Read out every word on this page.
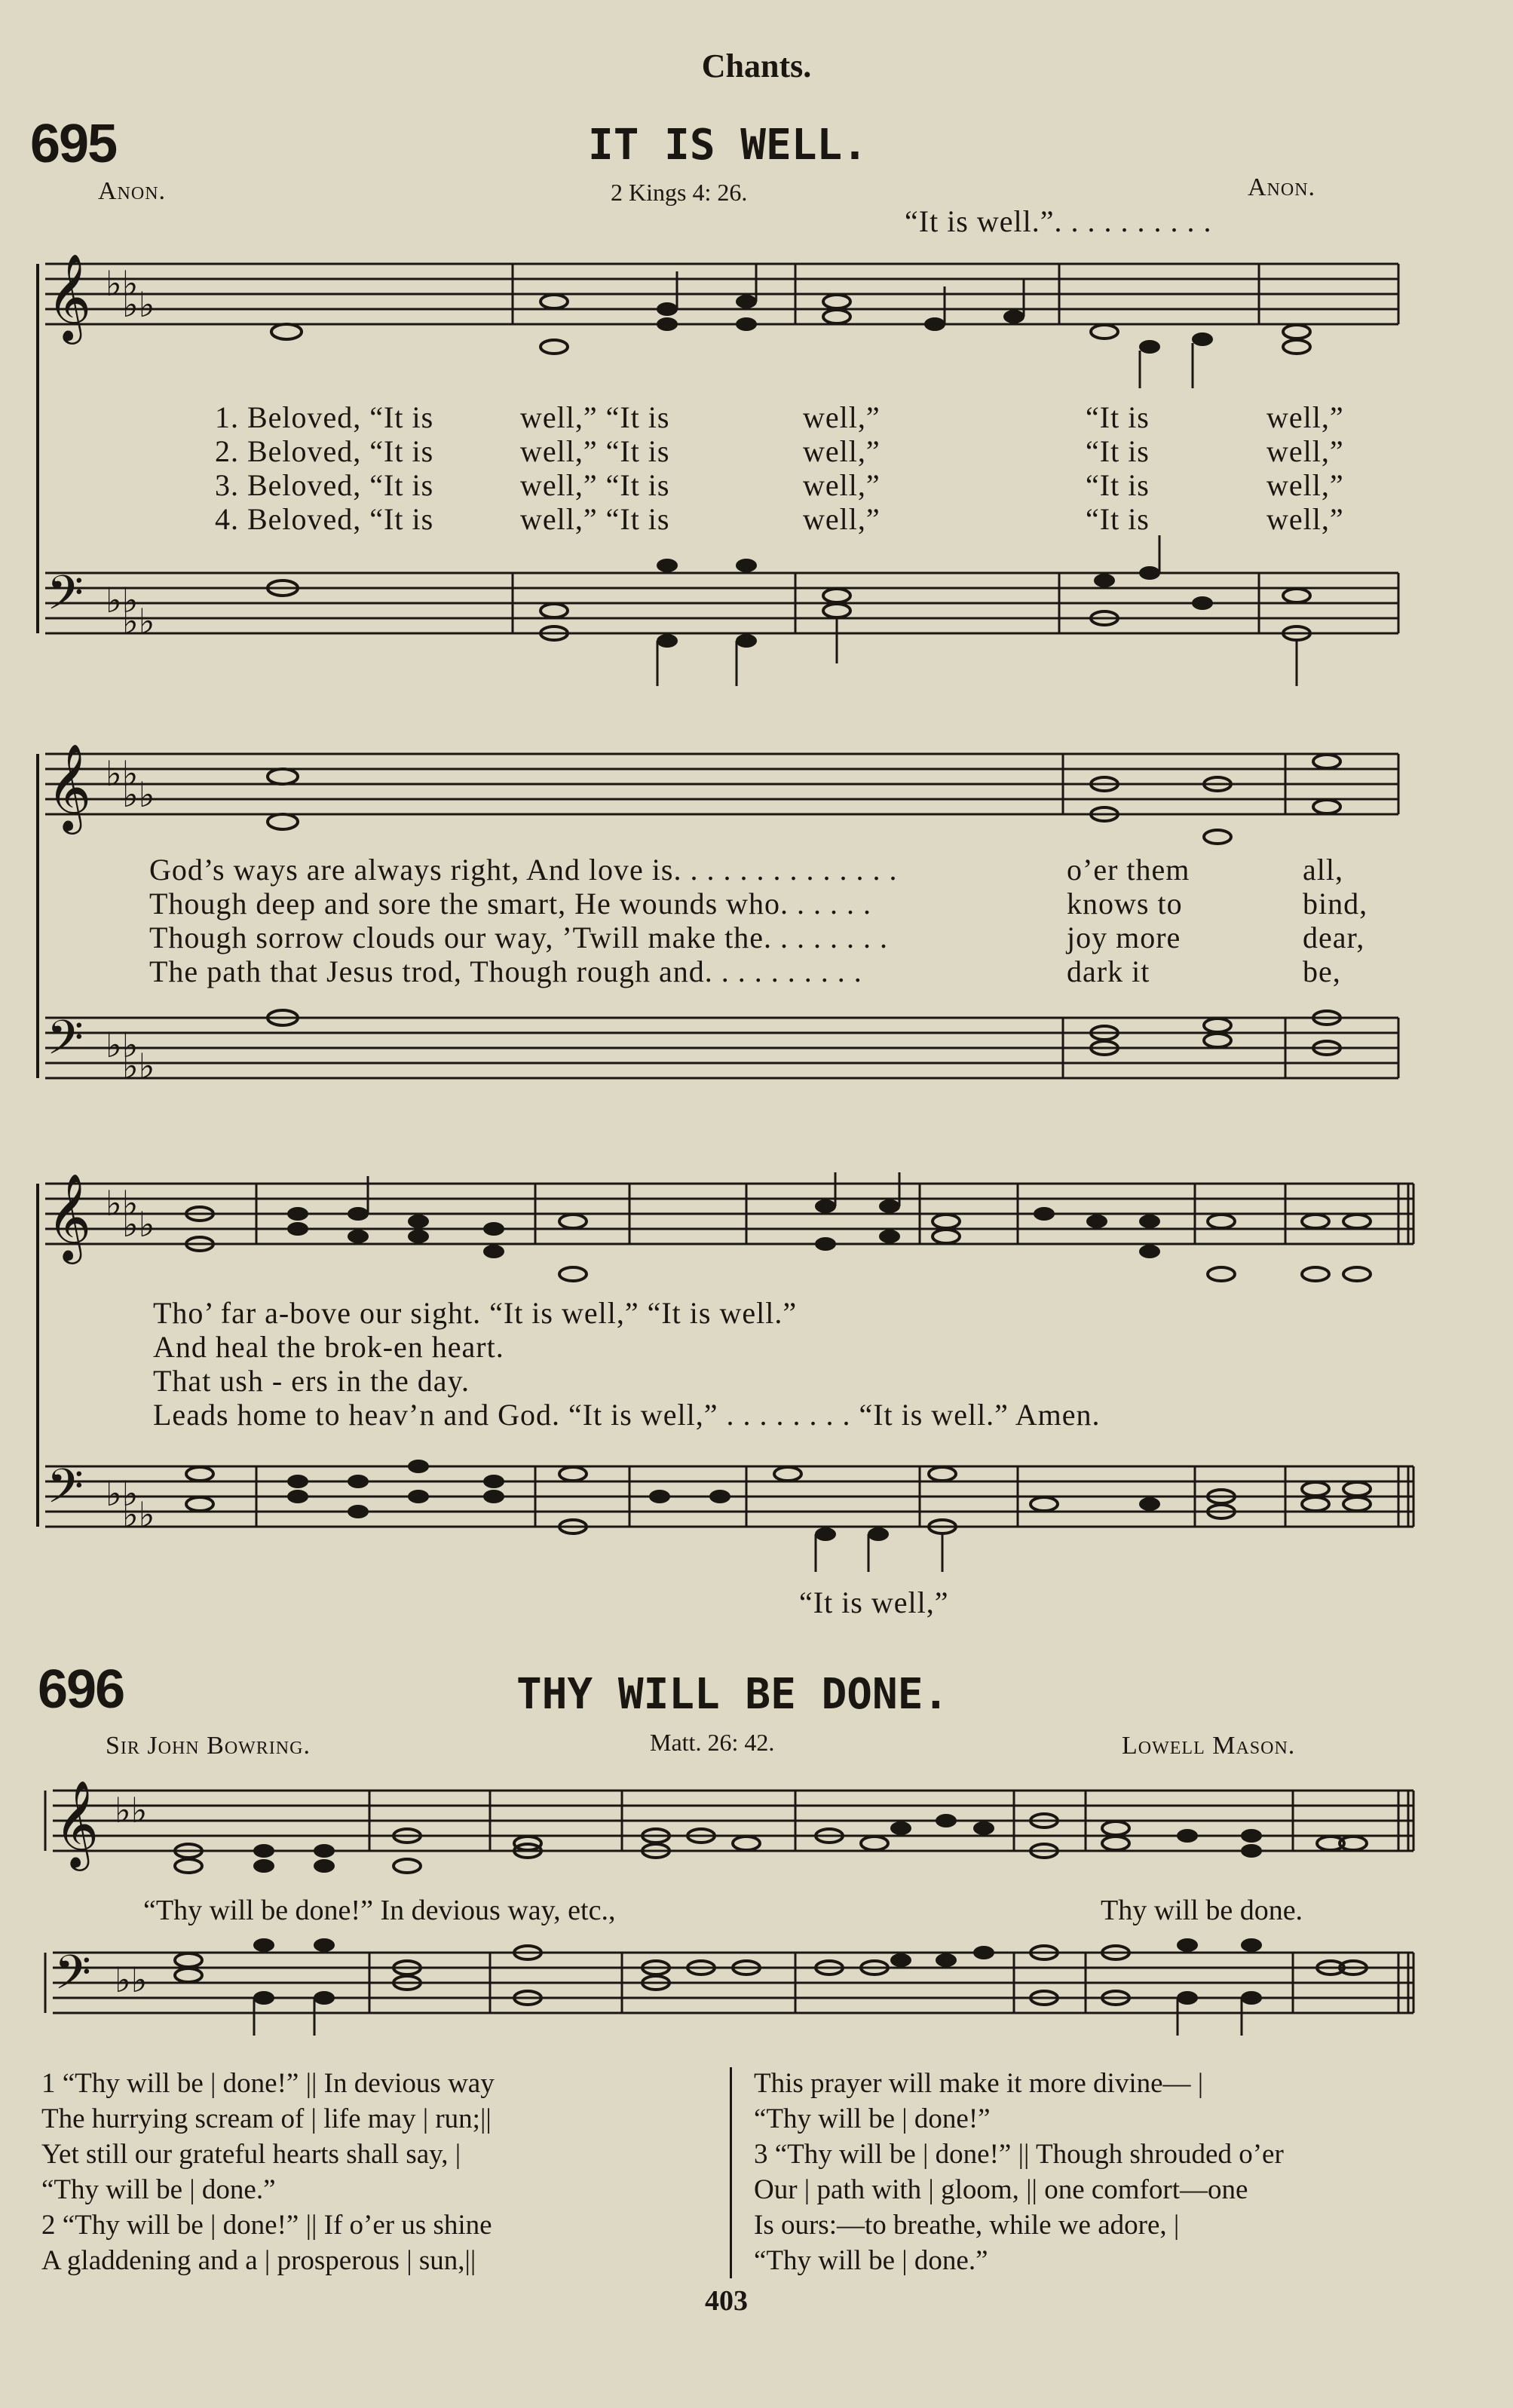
Chants.
695	IT IS WELL.
Anon.	2 Kings 4: 26.	Anon.
“It is well.”. . . . . . . . . .
𝄞 ♭♭
♭♭
1. Beloved, “It is	well,” “It is	well,”	“It is	well,”
2. Beloved, “It is	well,” “It is	well,”	“It is	well,”
3. Beloved, “It is	well,” “It is	well,”	“It is	well,”
4. Beloved, “It is	well,” “It is	well,”	“It is	well,”
𝄢 ♭♭
♭♭
𝄞 ♭♭
♭♭
God’s ways are always right, And love is. . . . . . . . . . . . . .	o’er them	all,
Though deep and sore the smart, He wounds who. . . . . .	knows to	bind,
Though sorrow clouds our way, ’Twill make the. . . . . . . .	joy more	dear,
The path that Jesus trod, Though rough and. . . . . . . . . .	dark it	be,
𝄢 ♭♭
♭♭
𝄞 ♭♭
♭♭
Tho’ far a-bove our sight. “It is well,” “It is well.”
And heal the brok-en heart.
That ush - ers in the day.
Leads home to heav’n and God. “It is well,” . . . . . . . . “It is well.” Amen.
𝄢 ♭♭
♭♭
“It is well,”
696	THY WILL BE DONE.
Sir John Bowring.	Matt. 26: 42.	Lowell Mason.
𝄞 ♭♭
“Thy will be done!” In devious way, etc.,	Thy will be done.
𝄢 ♭♭
1 “Thy will be | done!” || In devious way
The hurrying scream of | life may | run;||
Yet still our grateful hearts shall say, |
“Thy will be | done.”
2 “Thy will be | done!” || If o’er us shine
A gladdening and a | prosperous | sun,||
This prayer will make it more divine— |
“Thy will be | done!”
3 “Thy will be | done!” || Though shrouded o’er
Our | path with | gloom, || one comfort—one
Is ours:—to breathe, while we adore, |
“Thy will be | done.”
403
